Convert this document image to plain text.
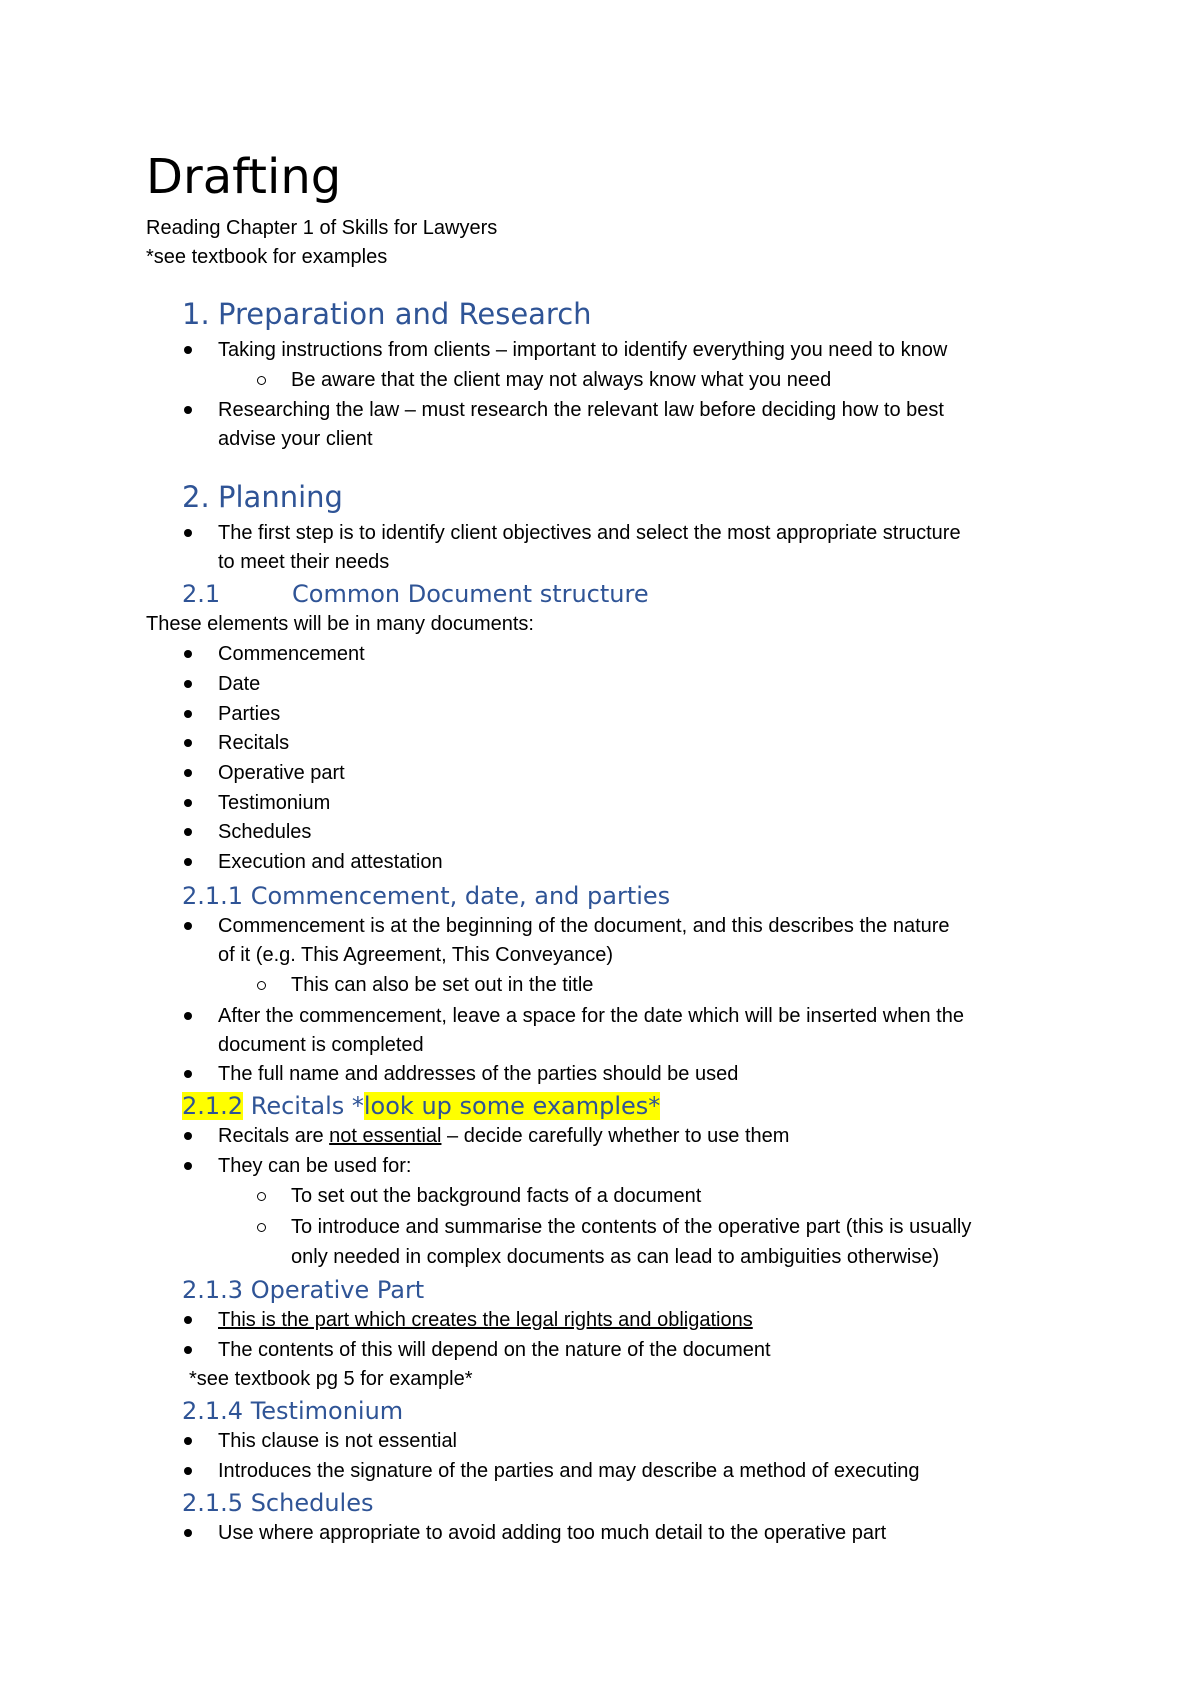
Drafting
Reading Chapter 1 of Skills for Lawyers
*see textbook for examples
1. Preparation and Research
Taking instructions from clients – important to identify everything you need to know
Be aware that the client may not always know what you need
Researching the law – must research the relevant law before deciding how to best
advise your client
2. Planning
The first step is to identify client objectives and select the most appropriate structure
to meet their needs
2.1	Common Document structure
These elements will be in many documents:
Commencement
Date
Parties
Recitals
Operative part
Testimonium
Schedules
Execution and attestation
2.1.1 Commencement, date, and parties
Commencement is at the beginning of the document, and this describes the nature
of it (e.g. This Agreement, This Conveyance)
This can also be set out in the title
After the commencement, leave a space for the date which will be inserted when the
document is completed
The full name and addresses of the parties should be used
2.1.2 Recitals *look up some examples*
Recitals are not essential – decide carefully whether to use them
They can be used for:
To set out the background facts of a document
To introduce and summarise the contents of the operative part (this is usually
only needed in complex documents as can lead to ambiguities otherwise)
2.1.3 Operative Part
This is the part which creates the legal rights and obligations
The contents of this will depend on the nature of the document
*see textbook pg 5 for example*
2.1.4 Testimonium
This clause is not essential
Introduces the signature of the parties and may describe a method of executing
2.1.5 Schedules
Use where appropriate to avoid adding too much detail to the operative part
